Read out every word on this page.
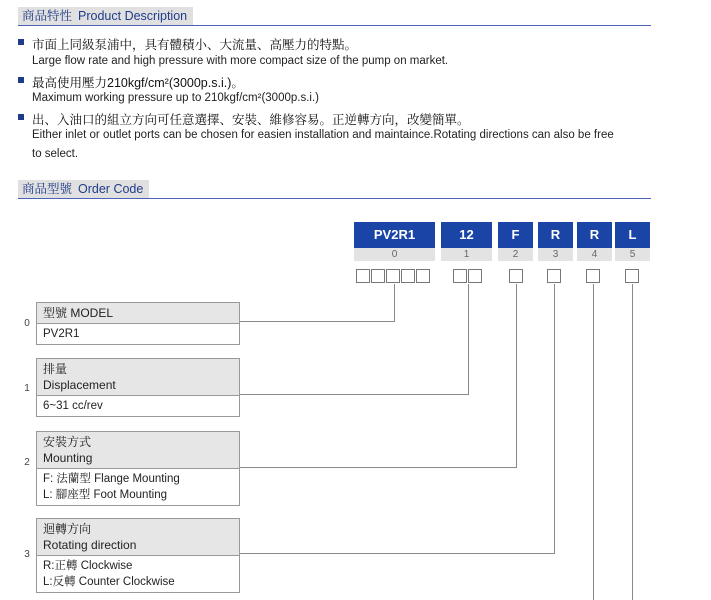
商品特性 Product Description
市面上同級泵浦中，具有體積小、大流量、高壓力的特點。
Large flow rate and high pressure with more compact size of the pump on market.
最高使用壓力210kgf/cm²(3000p.s.i.)。
Maximum working pressure up to 210kgf/cm²(3000p.s.i.)
出、入油口的組立方向可任意選擇、安裝、維修容易。正逆轉方向，改變簡單。
Either inlet or outlet ports can be chosen for easien installation and maintaince.Rotating directions can also be free
to select.
商品型號 Order Code
PV2R1	12	F	R	R	L
0	1	2	3	4	5
0
型號 MODEL
PV2R1
1
排量
Displacement
6~31 cc/rev
2
安裝方式
Mounting
F: 法蘭型 Flange Mounting
L: 腳座型 Foot Mounting
3
迴轉方向
Rotating direction
R:正轉 Clockwise
L:反轉 Counter Clockwise
